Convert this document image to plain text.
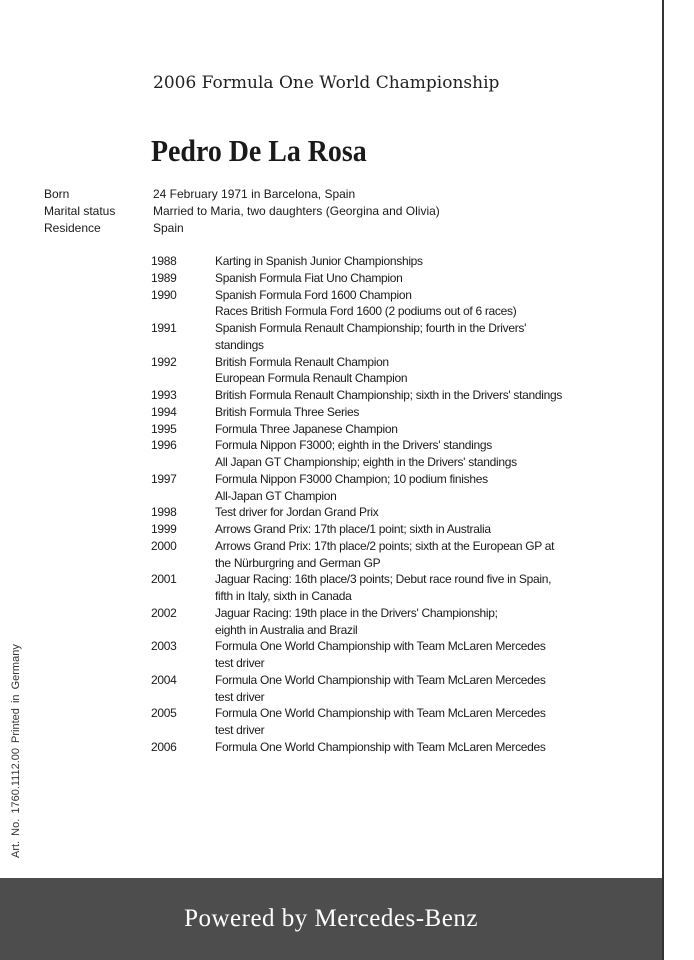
2006 Formula One World Championship
Pedro De La Rosa
Born	24 February 1971 in Barcelona, Spain
Marital status	Married to Maria, two daughters (Georgina and Olivia)
Residence	Spain
1988	Karting in Spanish Junior Championships
1989	Spanish Formula Fiat Uno Champion
1990	Spanish Formula Ford 1600 Champion
Races British Formula Ford 1600 (2 podiums out of 6 races)
1991	Spanish Formula Renault Championship; fourth in the Drivers' standings
1992	British Formula Renault Champion
European Formula Renault Champion
1993	British Formula Renault Championship; sixth in the Drivers' standings
1994	British Formula Three Series
1995	Formula Three Japanese Champion
1996	Formula Nippon F3000; eighth in the Drivers' standings
All Japan GT Championship; eighth in the Drivers' standings
1997	Formula Nippon F3000 Champion; 10 podium finishes
All-Japan GT Champion
1998	Test driver for Jordan Grand Prix
1999	Arrows Grand Prix: 17th place/1 point; sixth in Australia
2000	Arrows Grand Prix: 17th place/2 points; sixth at the European GP at
the Nürburgring and German GP
2001	Jaguar Racing: 16th place/3 points; Debut race round five in Spain,
fifth in Italy, sixth in Canada
2002	Jaguar Racing: 19th place in the Drivers' Championship;
eighth in Australia and Brazil
2003	Formula One World Championship with Team McLaren Mercedes
test driver
2004	Formula One World Championship with Team McLaren Mercedes
test driver
2005	Formula One World Championship with Team McLaren Mercedes
test driver
2006	Formula One World Championship with Team McLaren Mercedes
Art. No. 1760.1112.00 Printed in Germany
Powered by Mercedes-Benz
